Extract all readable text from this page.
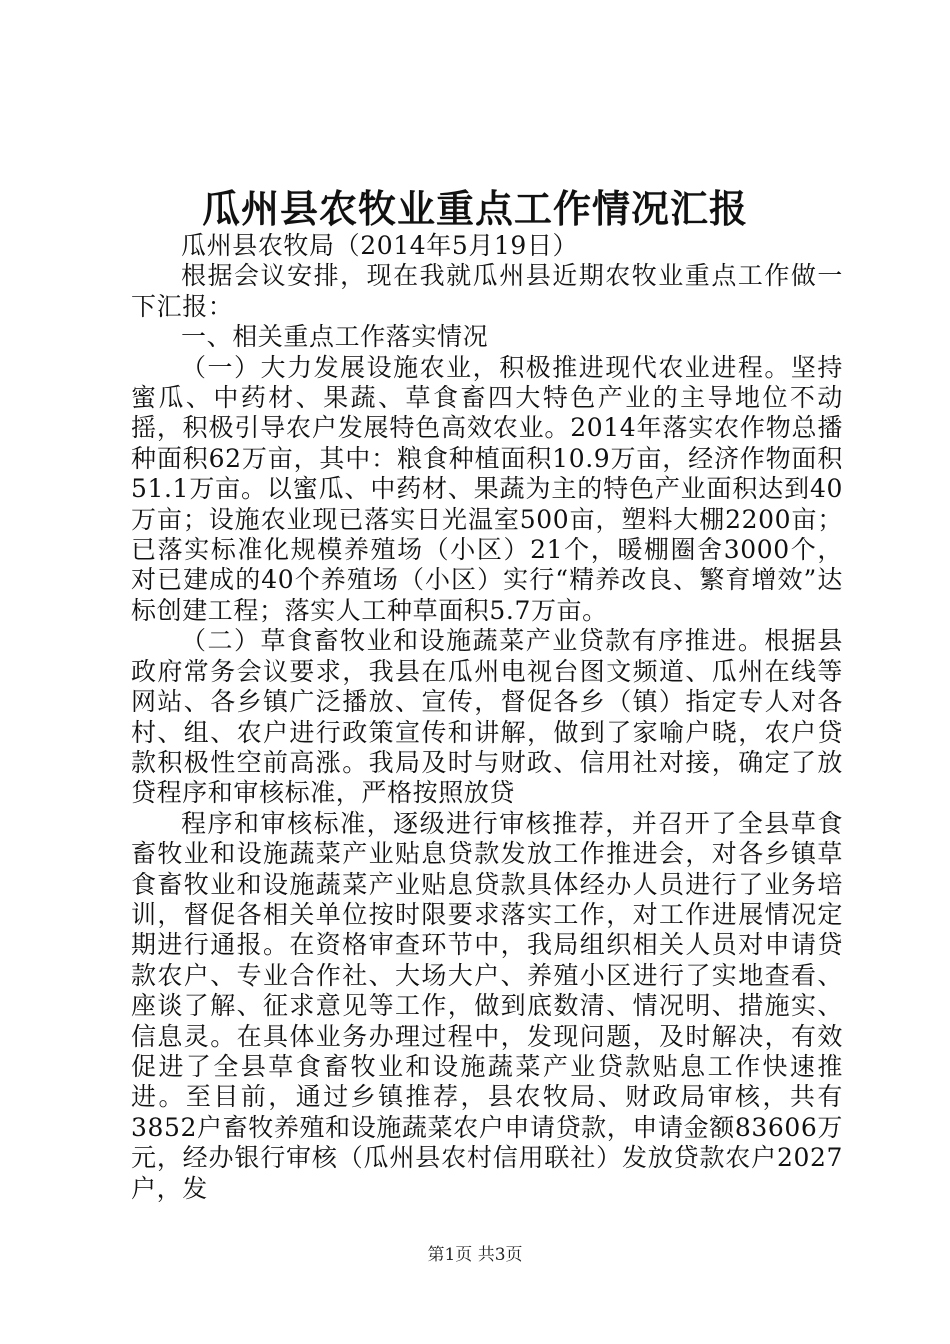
瓜州县农牧业重点工作情况汇报

瓜州县农牧局（2014年5月19日）

根据会议安排，现在我就瓜州县近期农牧业重点工作做一下汇报：

一、相关重点工作落实情况

（一）大力发展设施农业，积极推进现代农业进程。坚持蜜瓜、中药材、果蔬、草食畜四大特色产业的主导地位不动摇，积极引导农户发展特色高效农业。2014年落实农作物总播种面积62万亩，其中：粮食种植面积10.9万亩，经济作物面积51.1万亩。以蜜瓜、中药材、果蔬为主的特色产业面积达到40万亩；设施农业现已落实日光温室500亩，塑料大棚2200亩；已落实标准化规模养殖场（小区）21个，暖棚圈舍3000个，对已建成的40个养殖场（小区）实行“精养改良、繁育增效”达标创建工程；落实人工种草面积5.7万亩。

（二）草食畜牧业和设施蔬菜产业贷款有序推进。根据县政府常务会议要求，我县在瓜州电视台图文频道、瓜州在线等网站、各乡镇广泛播放、宣传，督促各乡（镇）指定专人对各村、组、农户进行政策宣传和讲解，做到了家喻户晓，农户贷款积极性空前高涨。我局及时与财政、信用社对接，确定了放贷程序和审核标准，严格按照放贷

程序和审核标准，逐级进行审核推荐，并召开了全县草食畜牧业和设施蔬菜产业贴息贷款发放工作推进会，对各乡镇草食畜牧业和设施蔬菜产业贴息贷款具体经办人员进行了业务培训，督促各相关单位按时限要求落实工作，对工作进展情况定期进行通报。在资格审查环节中，我局组织相关人员对申请贷款农户、专业合作社、大场大户、养殖小区进行了实地查看、座谈了解、征求意见等工作，做到底数清、情况明、措施实、信息灵。在具体业务办理过程中，发现问题，及时解决，有效促进了全县草食畜牧业和设施蔬菜产业贷款贴息工作快速推进。至目前，通过乡镇推荐，县农牧局、财政局审核，共有3852户畜牧养殖和设施蔬菜农户申请贷款，申请金额83606万元，经办银行审核（瓜州县农村信用联社）发放贷款农户2027户，发

第1页 共3页
